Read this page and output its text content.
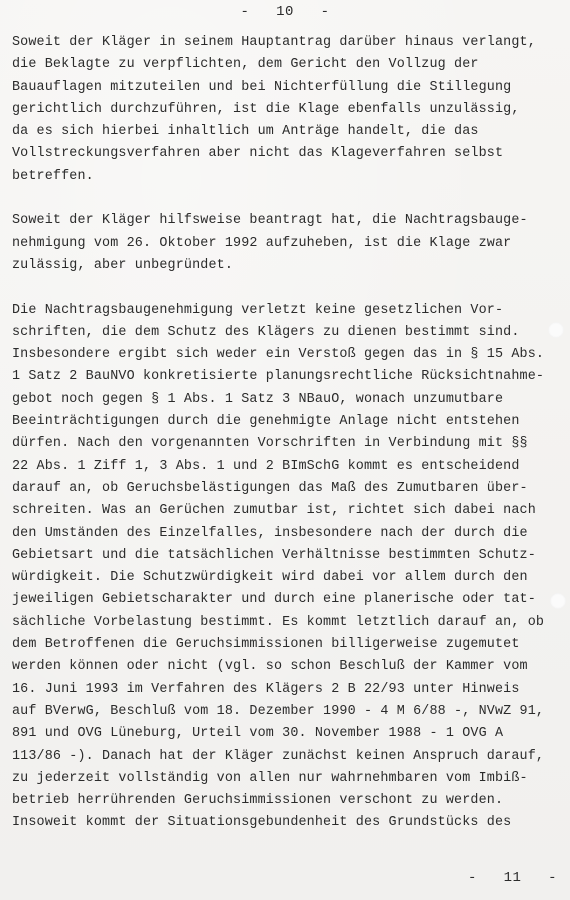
-   10   -
Soweit der Kläger in seinem Hauptantrag darüber hinaus verlangt,
die Beklagte zu verpflichten, dem Gericht den Vollzug der
Bauauflagen mitzuteilen und bei Nichterfüllung die Stillegung
gerichtlich durchzuführen, ist die Klage ebenfalls unzulässig,
da es sich hierbei inhaltlich um Anträge handelt, die das
Vollstreckungsverfahren aber nicht das Klageverfahren selbst
betreffen.
Soweit der Kläger hilfsweise beantragt hat, die Nachtragsbauge-
nehmigung vom 26. Oktober 1992 aufzuheben, ist die Klage zwar
zulässig, aber unbegründet.
Die Nachtragsbaugenehmigung verletzt keine gesetzlichen Vor-
schriften, die dem Schutz des Klägers zu dienen bestimmt sind.
Insbesondere ergibt sich weder ein Verstoß gegen das in § 15 Abs.
1 Satz 2 BauNVO konkretisierte planungsrechtliche Rücksichtnahme-
gebot noch gegen § 1 Abs. 1 Satz 3 NBauO, wonach unzumutbare
Beeinträchtigungen durch die genehmigte Anlage nicht entstehen
dürfen. Nach den vorgenannten Vorschriften in Verbindung mit §§
22 Abs. 1 Ziff 1, 3 Abs. 1 und 2 BImSchG kommt es entscheidend
darauf an, ob Geruchsbelästigungen das Maß des Zumutbaren über-
schreiten. Was an Gerüchen zumutbar ist, richtet sich dabei nach
den Umständen des Einzelfalles, insbesondere nach der durch die
Gebietsart und die tatsächlichen Verhältnisse bestimmten Schutz-
würdigkeit. Die Schutzwürdigkeit wird dabei vor allem durch den
jeweiligen Gebietscharakter und durch eine planerische oder tat-
sächliche Vorbelastung bestimmt. Es kommt letztlich darauf an, ob
dem Betroffenen die Geruchsimmissionen billigerweise zugemutet
werden können oder nicht (vgl. so schon Beschluß der Kammer vom
16. Juni 1993 im Verfahren des Klägers 2 B 22/93 unter Hinweis
auf BVerwG, Beschluß vom 18. Dezember 1990 - 4 M 6/88 -, NVwZ 91,
891 und OVG Lüneburg, Urteil vom 30. November 1988 - 1 OVG A
113/86 -). Danach hat der Kläger zunächst keinen Anspruch darauf,
zu jederzeit vollständig von allen nur wahrnehmbaren vom Imbiß-
betrieb herrührenden Geruchsimmissionen verschont zu werden.
Insoweit kommt der Situationsgebundenheit des Grundstücks des
-   11   -
